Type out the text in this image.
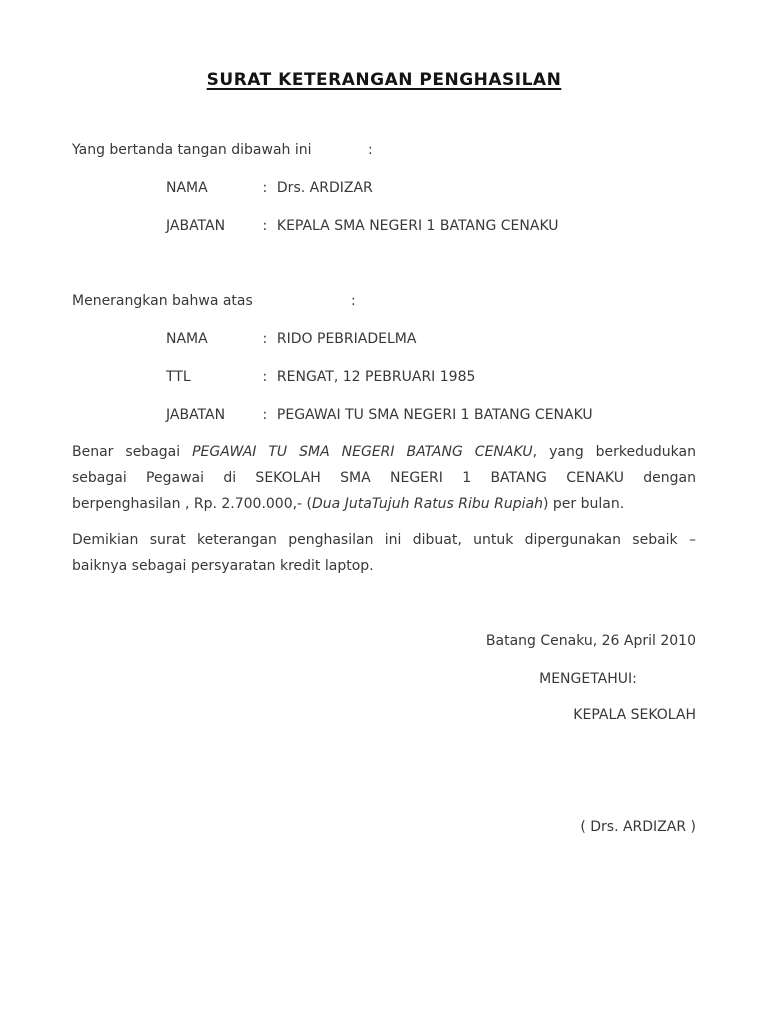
SURAT KETERANGAN PENGHASILAN
Yang bertanda tangan dibawah ini	:
NAMA	: Drs. ARDIZAR
JABATAN	: KEPALA SMA NEGERI 1 BATANG CENAKU
Menerangkan bahwa atas	:
NAMA	: RIDO PEBRIADELMA
TTL	: RENGAT, 12 PEBRUARI 1985
JABATAN	: PEGAWAI TU SMA NEGERI 1 BATANG CENAKU
Benar sebagai PEGAWAI TU SMA NEGERI BATANG CENAKU, yang berkedudukan
sebagai Pegawai di SEKOLAH SMA NEGERI 1 BATANG CENAKU dengan
berpenghasilan , Rp. 2.700.000,- (Dua JutaTujuh Ratus Ribu Rupiah) per bulan.
Demikian surat keterangan penghasilan ini dibuat, untuk dipergunakan sebaik –
baiknya sebagai persyaratan kredit laptop.
Batang Cenaku, 26 April 2010
MENGETAHUI:
KEPALA SEKOLAH
( Drs. ARDIZAR )
